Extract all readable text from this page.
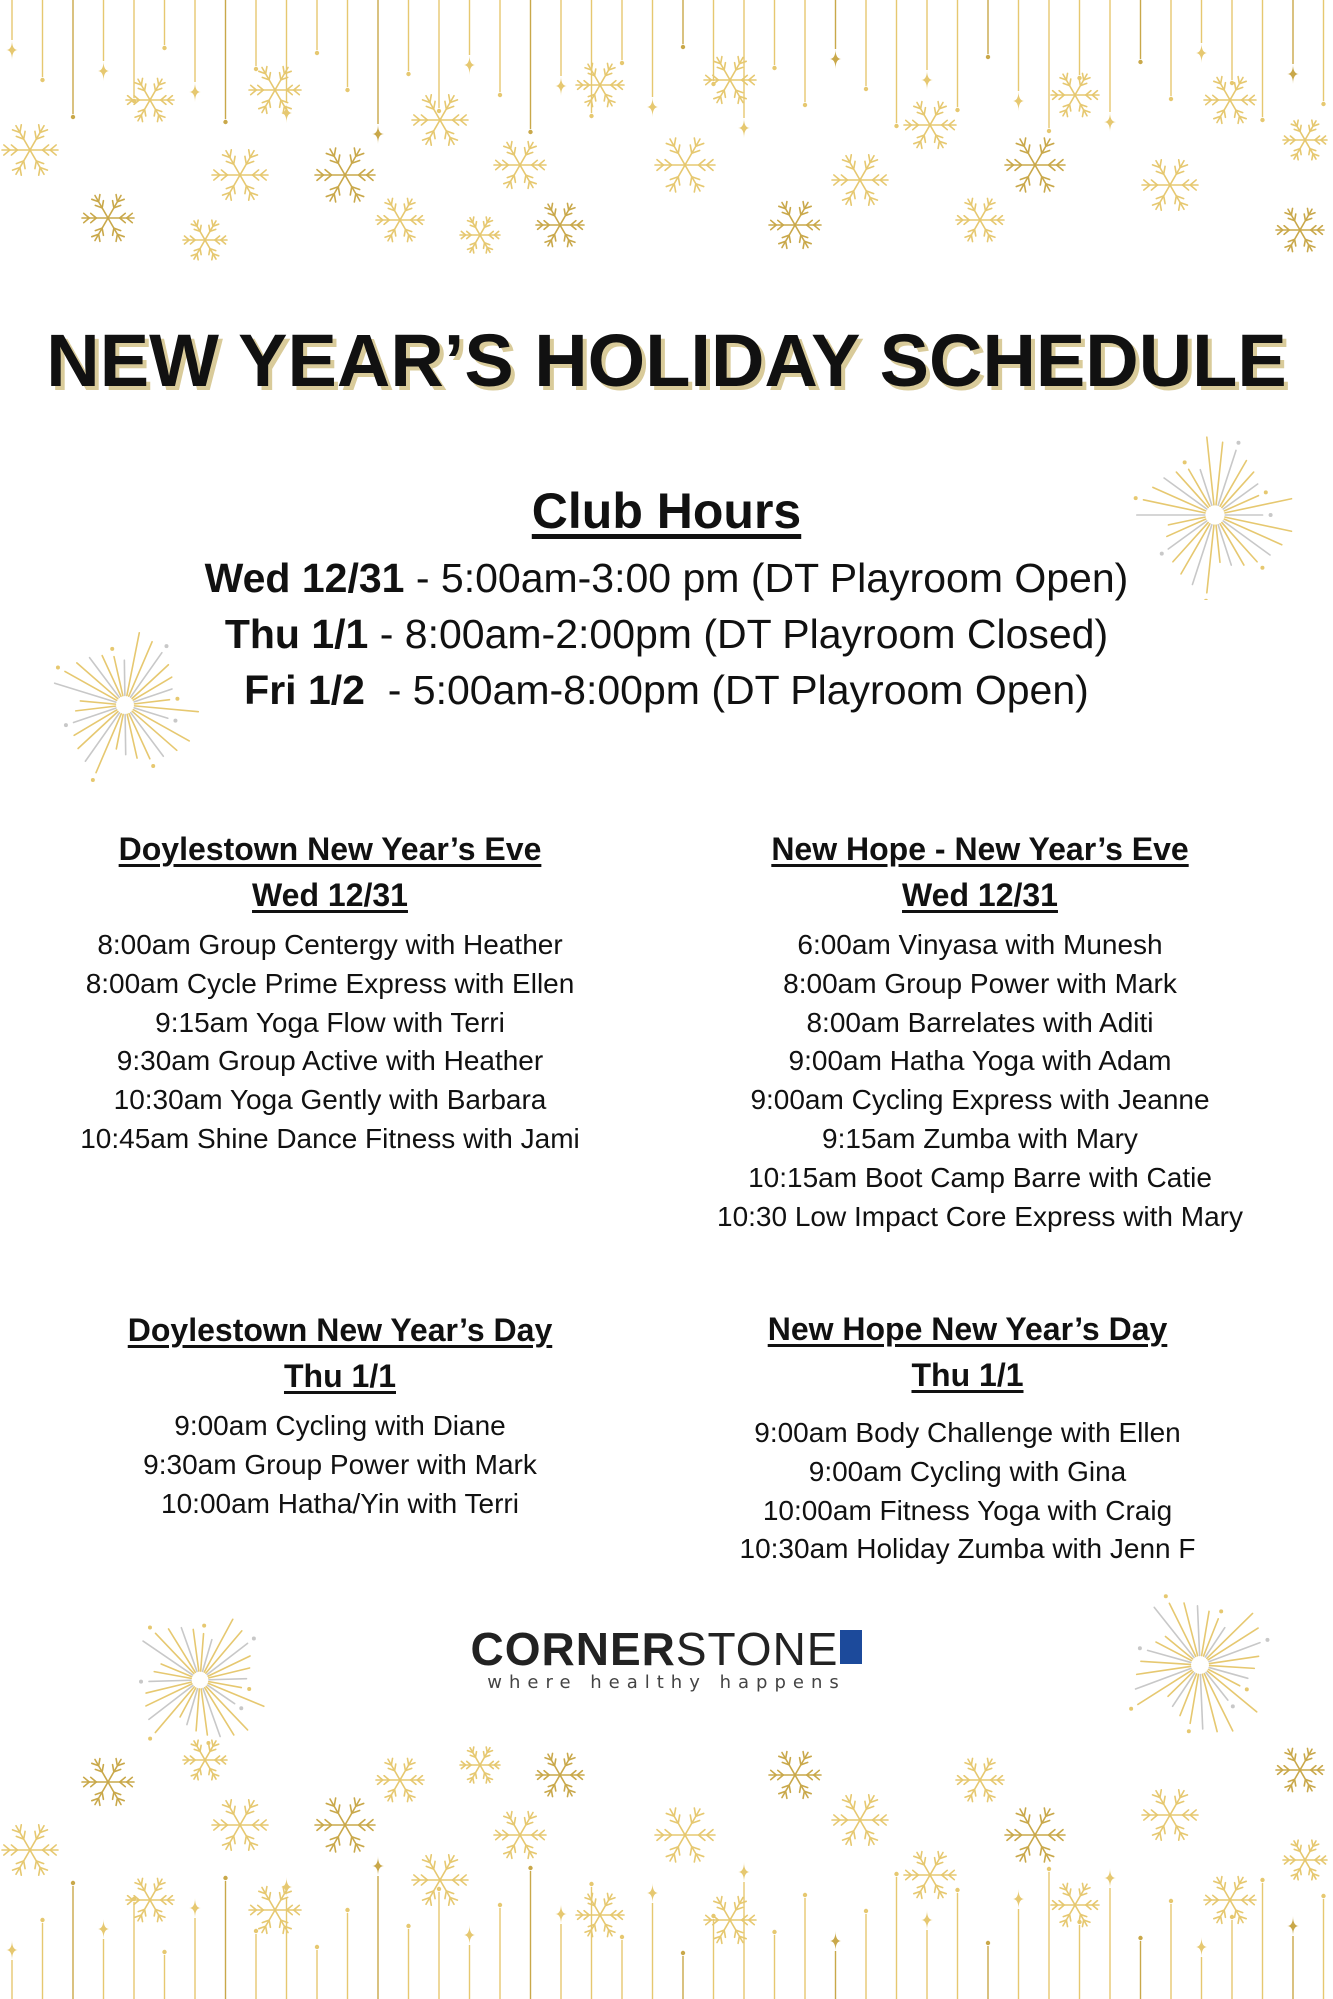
NEW YEAR’S HOLIDAY SCHEDULE
Club Hours
Wed 12/31 - 5:00am-3:00 pm (DT Playroom Open)
Thu 1/1 - 8:00am-2:00pm (DT Playroom Closed)
Fri 1/2  - 5:00am-8:00pm (DT Playroom Open)
Doylestown New Year’s Eve
Wed 12/31
8:00am Group Centergy with Heather
8:00am Cycle Prime Express with Ellen
9:15am Yoga Flow with Terri
9:30am Group Active with Heather
10:30am Yoga Gently with Barbara
10:45am Shine Dance Fitness with Jami
New Hope - New Year’s Eve
Wed 12/31
6:00am Vinyasa with Munesh
8:00am Group Power with Mark
8:00am Barrelates with Aditi
9:00am Hatha Yoga with Adam
9:00am Cycling Express with Jeanne
9:15am Zumba with Mary
10:15am Boot Camp Barre with Catie
10:30 Low Impact Core Express with Mary
Doylestown New Year’s Day
Thu 1/1
9:00am Cycling with Diane
9:30am Group Power with Mark
10:00am Hatha/Yin with Terri
New Hope New Year’s Day
Thu 1/1
9:00am Body Challenge with Ellen
9:00am Cycling with Gina
10:00am Fitness Yoga with Craig
10:30am Holiday Zumba with Jenn F
CORNERSTONE
where healthy happens
